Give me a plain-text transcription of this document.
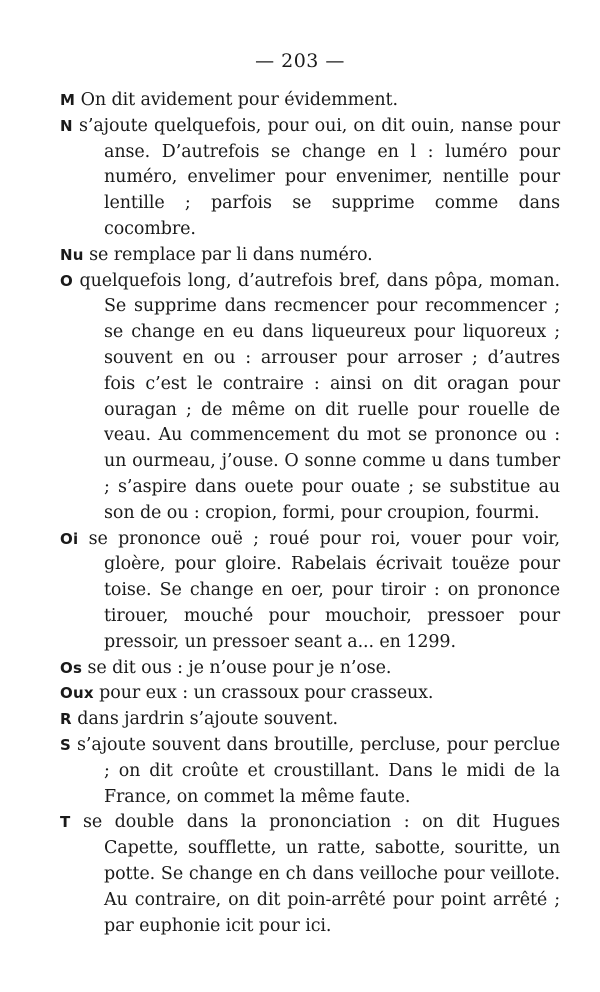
— 203 —

M On dit avidement pour évidemment.

N s’ajoute quelquefois, pour oui, on dit ouin, nanse pour anse. D’autrefois se change en l : luméro pour numéro, envelimer pour envenimer, nentille pour lentille ; parfois se supprime comme dans cocombre.

Nu se remplace par li dans numéro.

O quelquefois long, d’autrefois bref, dans pôpa, moman. Se supprime dans recmencer pour recommencer ; se change en eu dans liqueureux pour liquoreux ; souvent en ou : arrouser pour arroser ; d’autres fois c’est le contraire : ainsi on dit oragan pour ouragan ; de même on dit ruelle pour rouelle de veau. Au commencement du mot se prononce ou : un ourmeau, j’ouse. O sonne comme u dans tumber ; s’aspire dans ouete pour ouate ; se substitue au son de ou : cropion, formi, pour croupion, fourmi.

Oi se prononce ouë ; roué pour roi, vouer pour voir, gloère, pour gloire. Rabelais écrivait touëze pour toise. Se change en oer, pour tiroir : on prononce tirouer, mouché pour mouchoir, pressoer pour pressoir, un pressoer seant a... en 1299.

Os se dit ous : je n’ouse pour je n’ose.

Oux pour eux : un crassoux pour crasseux.

R dans jardrin s’ajoute souvent.

S s’ajoute souvent dans broutille, percluse, pour perclue ; on dit croûte et croustillant. Dans le midi de la France, on commet la même faute.

T se double dans la prononciation : on dit Hugues Capette, soufflette, un ratte, sabotte, souritte, un potte. Se change en ch dans veilloche pour veillote. Au contraire, on dit poin-arrêté pour point arrêté ; par euphonie icit pour ici.
